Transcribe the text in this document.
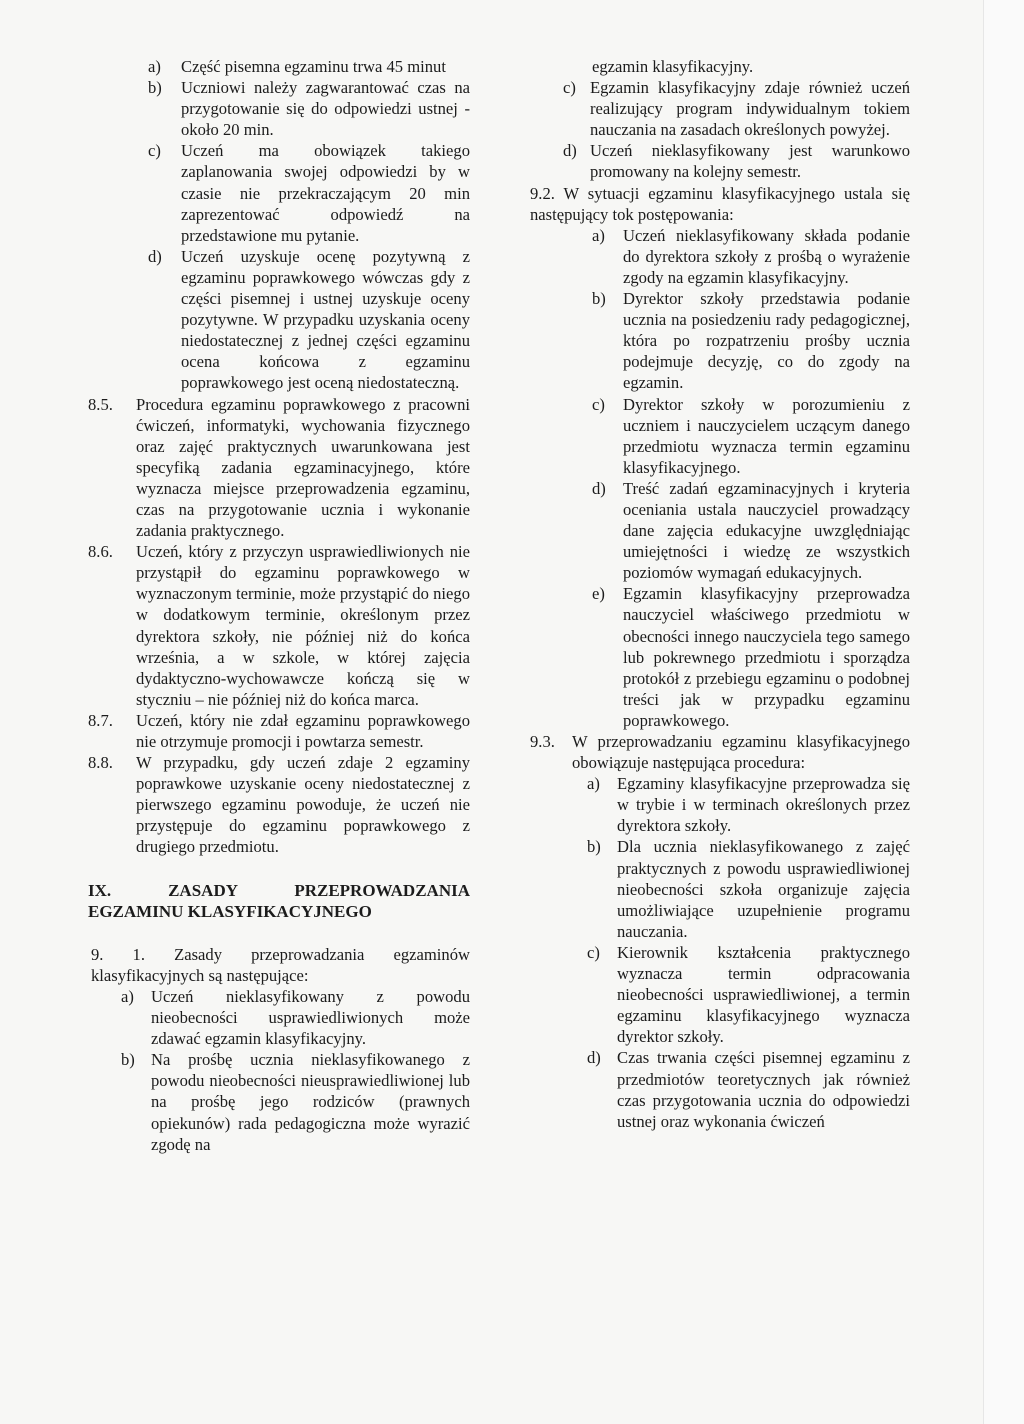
a)	Część pisemna egzaminu trwa 45 minut
b)	Uczniowi należy zagwarantować czas na przygotowanie się do odpowiedzi ustnej - około 20 min.
c)	Uczeń ma obowiązek takiego zaplanowania swojej odpowiedzi by w czasie nie przekraczającym 20 min zaprezentować odpowiedź na przedstawione mu pytanie.
d)	Uczeń uzyskuje ocenę pozytywną z egzaminu poprawkowego wówczas gdy z części pisemnej i ustnej uzyskuje oceny pozytywne. W przypadku uzyskania oceny niedostatecznej z jednej części egzaminu ocena końcowa z egzaminu poprawkowego jest oceną niedostateczną.
8.5.	Procedura egzaminu poprawkowego z pracowni ćwiczeń, informatyki, wychowania fizycznego oraz zajęć praktycznych uwarunkowana jest specyfiką zadania egzaminacyjnego, które wyznacza miejsce przeprowadzenia egzaminu, czas na przygotowanie ucznia i wykonanie zadania praktycznego.
8.6.	Uczeń, który z przyczyn usprawiedliwionych nie przystąpił do egzaminu poprawkowego w wyznaczonym terminie, może przystąpić do niego w dodatkowym terminie, określonym przez dyrektora szkoły, nie później niż do końca września, a w szkole, w której zajęcia dydaktyczno-wychowawcze kończą się w styczniu – nie później niż do końca marca.
8.7.	Uczeń, który nie zdał egzaminu poprawkowego nie otrzymuje promocji i powtarza semestr.
8.8.	W przypadku, gdy uczeń zdaje 2 egzaminy poprawkowe uzyskanie oceny niedostatecznej z pierwszego egzaminu powoduje, że uczeń nie przystępuje do egzaminu poprawkowego z drugiego przedmiotu.

IX. ZASADY PRZEPROWADZANIA

EGZAMINU KLASYFIKACYJNEGO

9. 1. Zasady przeprowadzania egzaminów klasyfikacyjnych są następujące:

a)	Uczeń nieklasyfikowany z powodu nieobecności usprawiedliwionych może zdawać egzamin klasyfikacyjny.
b) Na prośbę ucznia nieklasyfikowanego z powodu nieobecności nieusprawiedliwionej lub na prośbę jego rodziców (prawnych opiekunów) rada pedagogiczna może wyrazić zgodę na

egzamin klasyfikacyjny.

c) Egzamin klasyfikacyjny zdaje również uczeń realizujący program indywidualnym tokiem nauczania na zasadach określonych powyżej.
d) Uczeń nieklasyfikowany jest warunkowo promowany na kolejny semestr.

9.2. W sytuacji egzaminu klasyfikacyjnego ustala się następujący tok postępowania:

a)	Uczeń nieklasyfikowany składa podanie do dyrektora szkoły z prośbą o wyrażenie zgody na egzamin klasyfikacyjny.
b)	Dyrektor szkoły przedstawia podanie ucznia na posiedzeniu rady pedagogicznej, która po rozpatrzeniu prośby ucznia podejmuje decyzję, co do zgody na egzamin.
c)	Dyrektor szkoły w porozumieniu z uczniem i nauczycielem uczącym danego przedmiotu wyznacza termin egzaminu klasyfikacyjnego.
d)	Treść zadań egzaminacyjnych i kryteria oceniania ustala nauczyciel prowadzący dane zajęcia edukacyjne uwzględniając umiejętności i wiedzę ze wszystkich poziomów wymagań edukacyjnych.
e)	Egzamin klasyfikacyjny przeprowadza nauczyciel właściwego przedmiotu w obecności innego nauczyciela tego samego lub pokrewnego przedmiotu i sporządza protokół z przebiegu egzaminu o podobnej treści jak w przypadku egzaminu poprawkowego.
9.3.	W przeprowadzaniu egzaminu klasyfikacyjnego obowiązuje następująca procedura:
a)	Egzaminy klasyfikacyjne przeprowadza się w trybie i w terminach określonych przez dyrektora szkoły.
b) Dla ucznia nieklasyfikowanego z zajęć praktycznych z powodu usprawiedliwionej nieobecności szkoła organizuje zajęcia umożliwiające uzupełnienie programu nauczania.
c)	Kierownik kształcenia praktycznego wyznacza termin odpracowania nieobecności usprawiedliwionej, a termin egzaminu klasyfikacyjnego wyznacza dyrektor szkoły.
d) Czas trwania części pisemnej egzaminu z przedmiotów teoretycznych jak również czas przygotowania ucznia do odpowiedzi ustnej oraz wykonania ćwiczeń
